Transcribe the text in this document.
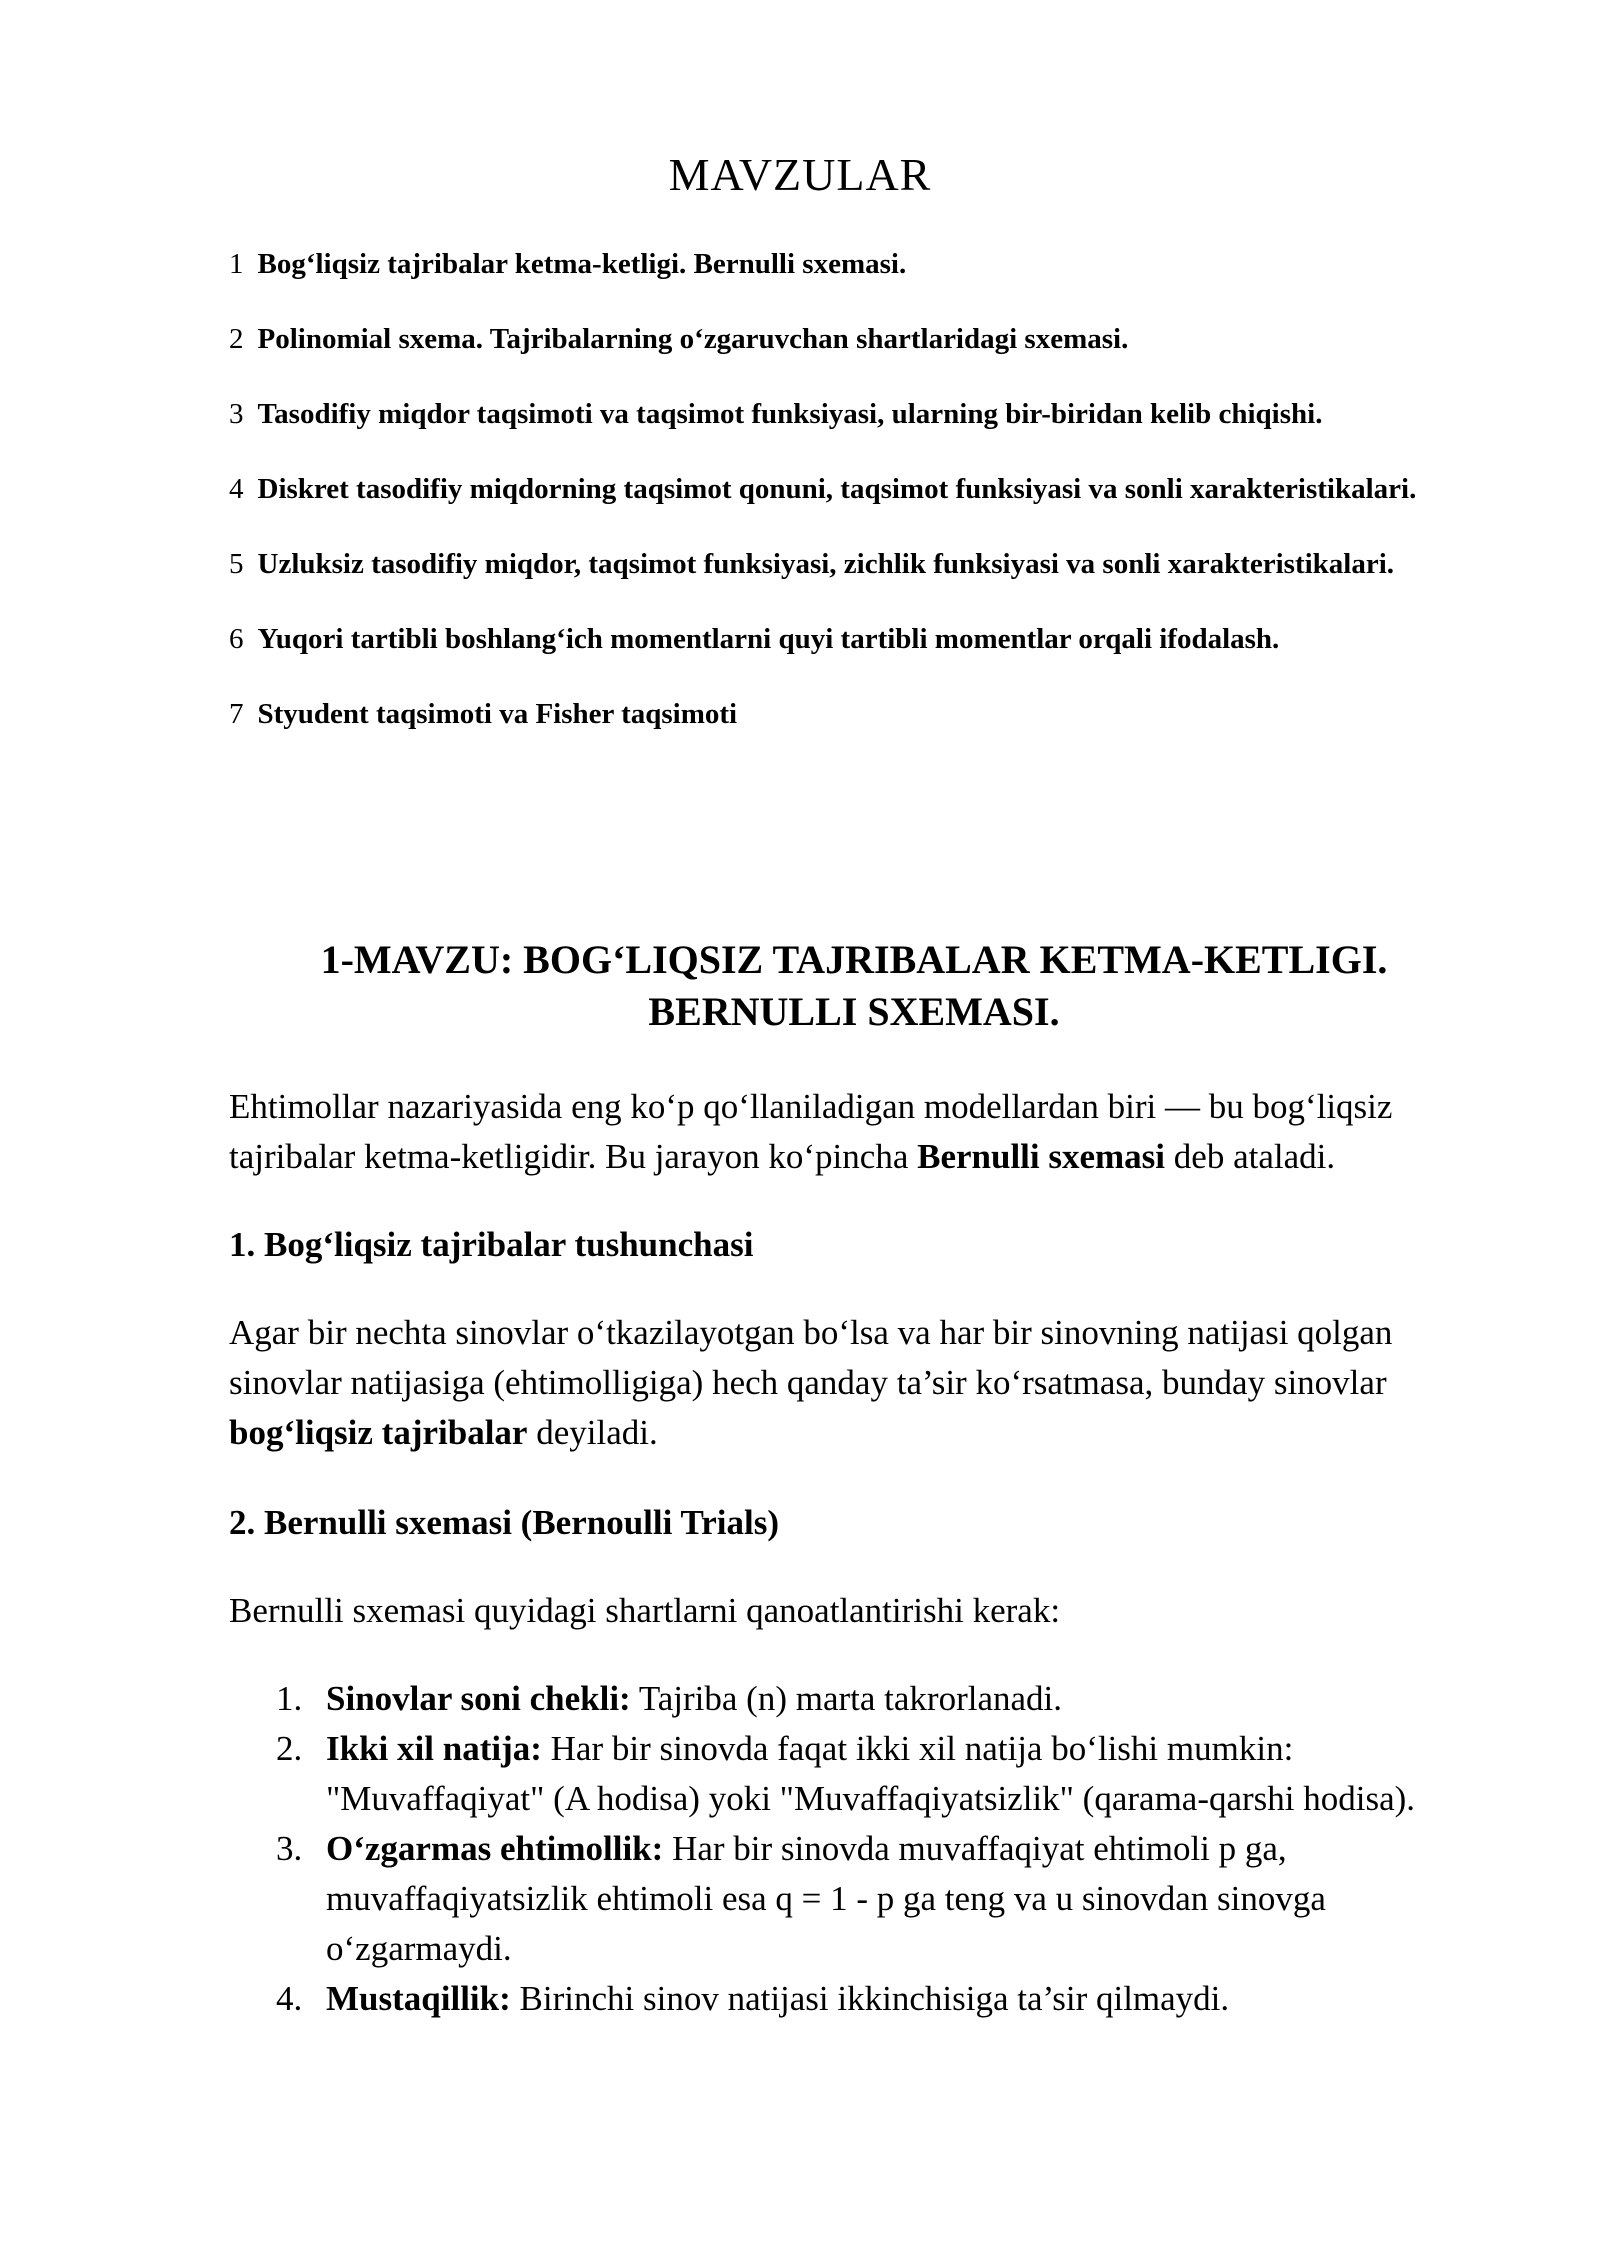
MAVZULAR
1 Bog‘liqsiz tajribalar ketma-ketligi. Bernulli sxemasi.
2 Polinomial sxema. Tajribalarning o‘zgaruvchan shartlaridagi sxemasi.
3 Tasodifiy miqdor taqsimoti va taqsimot funksiyasi, ularning bir-biridan kelib chiqishi.
4 Diskret tasodifiy miqdorning taqsimot qonuni, taqsimot funksiyasi va sonli xarakteristikalari.
5 Uzluksiz tasodifiy miqdor, taqsimot funksiyasi, zichlik funksiyasi va sonli xarakteristikalari.
6 Yuqori tartibli boshlang‘ich momentlarni quyi tartibli momentlar orqali ifodalash.
7 Styudent taqsimoti va Fisher taqsimoti
1-MAVZU: BOG‘LIQSIZ TAJRIBALAR KETMA-KETLIGI.
BERNULLI SXEMASI.

Ehtimollar nazariyasida eng ko‘p qo‘llaniladigan modellardan biri — bu bog‘liqsiz tajribalar ketma-ketligidir. Bu jarayon ko‘pincha Bernulli sxemasi deb ataladi.

1. Bog‘liqsiz tajribalar tushunchasi

Agar bir nechta sinovlar o‘tkazilayotgan bo‘lsa va har bir sinovning natijasi qolgan sinovlar natijasiga (ehtimolligiga) hech qanday ta’sir ko‘rsatmasa, bunday sinovlar bog‘liqsiz tajribalar deyiladi.

2. Bernulli sxemasi (Bernoulli Trials)

Bernulli sxemasi quyidagi shartlarni qanoatlantirishi kerak:

1. Sinovlar soni chekli: Tajriba (n) marta takrorlanadi.
2. Ikki xil natija: Har bir sinovda faqat ikki xil natija bo‘lishi mumkin: "Muvaffaqiyat" (A hodisa) yoki "Muvaffaqiyatsizlik" (qarama-qarshi hodisa).
3. O‘zgarmas ehtimollik: Har bir sinovda muvaffaqiyat ehtimoli p ga, muvaffaqiyatsizlik ehtimoli esa q = 1 - p ga teng va u sinovdan sinovga o‘zgarmaydi.
4. Mustaqillik: Birinchi sinov natijasi ikkinchisiga ta’sir qilmaydi.
